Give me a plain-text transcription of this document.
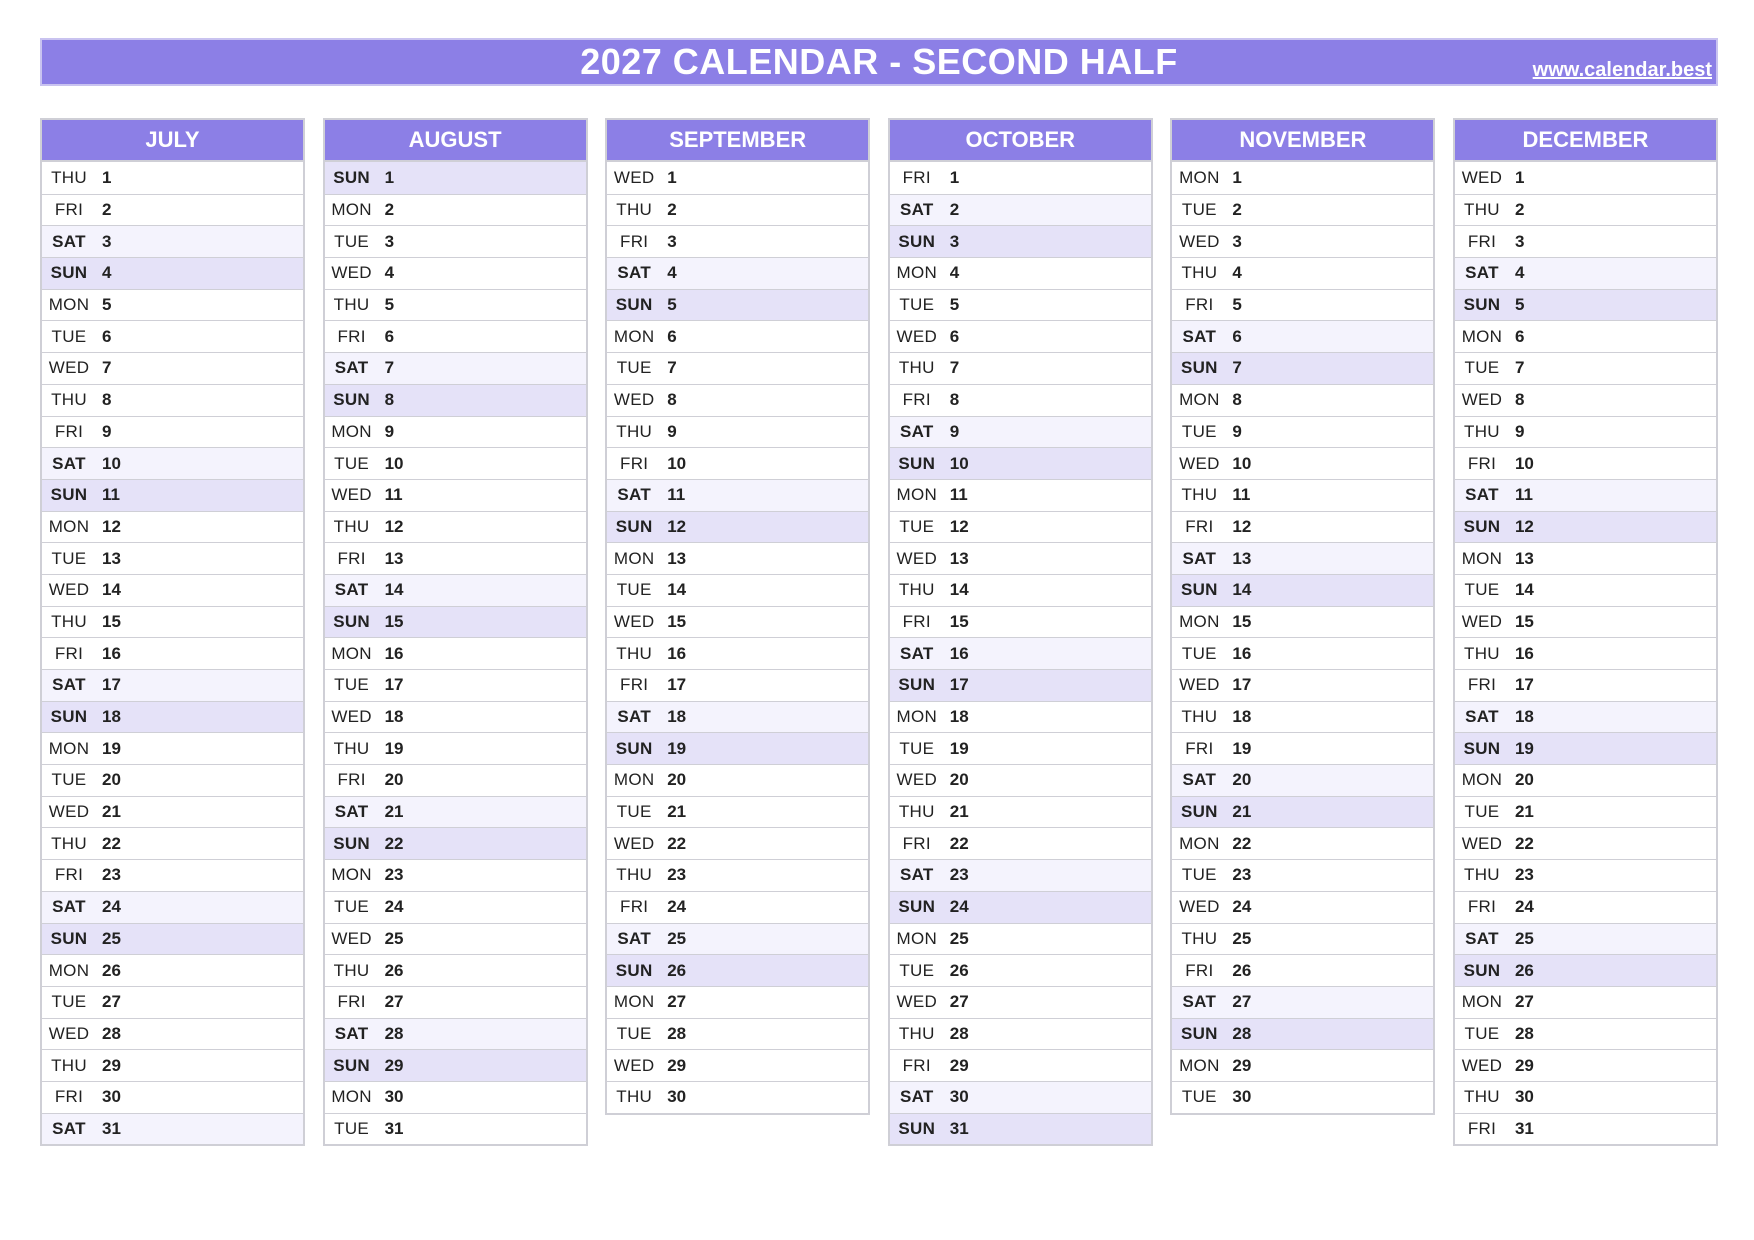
2027 CALENDAR - SECOND HALF	www.calendar.best
JULY
THU 1
FRI	2
SAT 3
SUN 4
MON 5
TUE 6
WED 7
THU 8
FRI	9
SAT 10
SUN 11
MON 12
TUE 13
WED 14
THU 15
FRI	16
SAT 17
SUN 18
MON 19
TUE 20
WED 21
THU 22
FRI	23
SAT 24
SUN 25
MON 26
TUE 27
WED 28
THU 29
FRI	30
SAT 31
AUGUST
SUN 1
MON 2
TUE 3
WED 4
THU 5
FRI	6
SAT 7
SUN 8
MON 9
TUE 10
WED 11
THU 12
FRI	13
SAT 14
SUN 15
MON 16
TUE 17
WED 18
THU 19
FRI	20
SAT 21
SUN 22
MON 23
TUE 24
WED 25
THU 26
FRI	27
SAT 28
SUN 29
MON 30
TUE 31
SEPTEMBER
WED 1
THU 2
FRI	3
SAT 4
SUN 5
MON 6
TUE 7
WED 8
THU 9
FRI	10
SAT 11
SUN 12
MON 13
TUE 14
WED 15
THU 16
FRI	17
SAT 18
SUN 19
MON 20
TUE 21
WED 22
THU 23
FRI	24
SAT 25
SUN 26
MON 27
TUE 28
WED 29
THU 30
OCTOBER
FRI	1
SAT 2
SUN 3
MON 4
TUE 5
WED 6
THU 7
FRI	8
SAT 9
SUN 10
MON 11
TUE 12
WED 13
THU 14
FRI	15
SAT 16
SUN 17
MON 18
TUE 19
WED 20
THU 21
FRI	22
SAT 23
SUN 24
MON 25
TUE 26
WED 27
THU 28
FRI	29
SAT 30
SUN 31
NOVEMBER
MON 1
TUE 2
WED 3
THU 4
FRI	5
SAT 6
SUN 7
MON 8
TUE 9
WED 10
THU 11
FRI	12
SAT 13
SUN 14
MON 15
TUE 16
WED 17
THU 18
FRI	19
SAT 20
SUN 21
MON 22
TUE 23
WED 24
THU 25
FRI	26
SAT 27
SUN 28
MON 29
TUE 30
DECEMBER
WED 1
THU 2
FRI	3
SAT 4
SUN 5
MON 6
TUE 7
WED 8
THU 9
FRI	10
SAT 11
SUN 12
MON 13
TUE 14
WED 15
THU 16
FRI	17
SAT 18
SUN 19
MON 20
TUE 21
WED 22
THU 23
FRI	24
SAT 25
SUN 26
MON 27
TUE 28
WED 29
THU 30
FRI	31
